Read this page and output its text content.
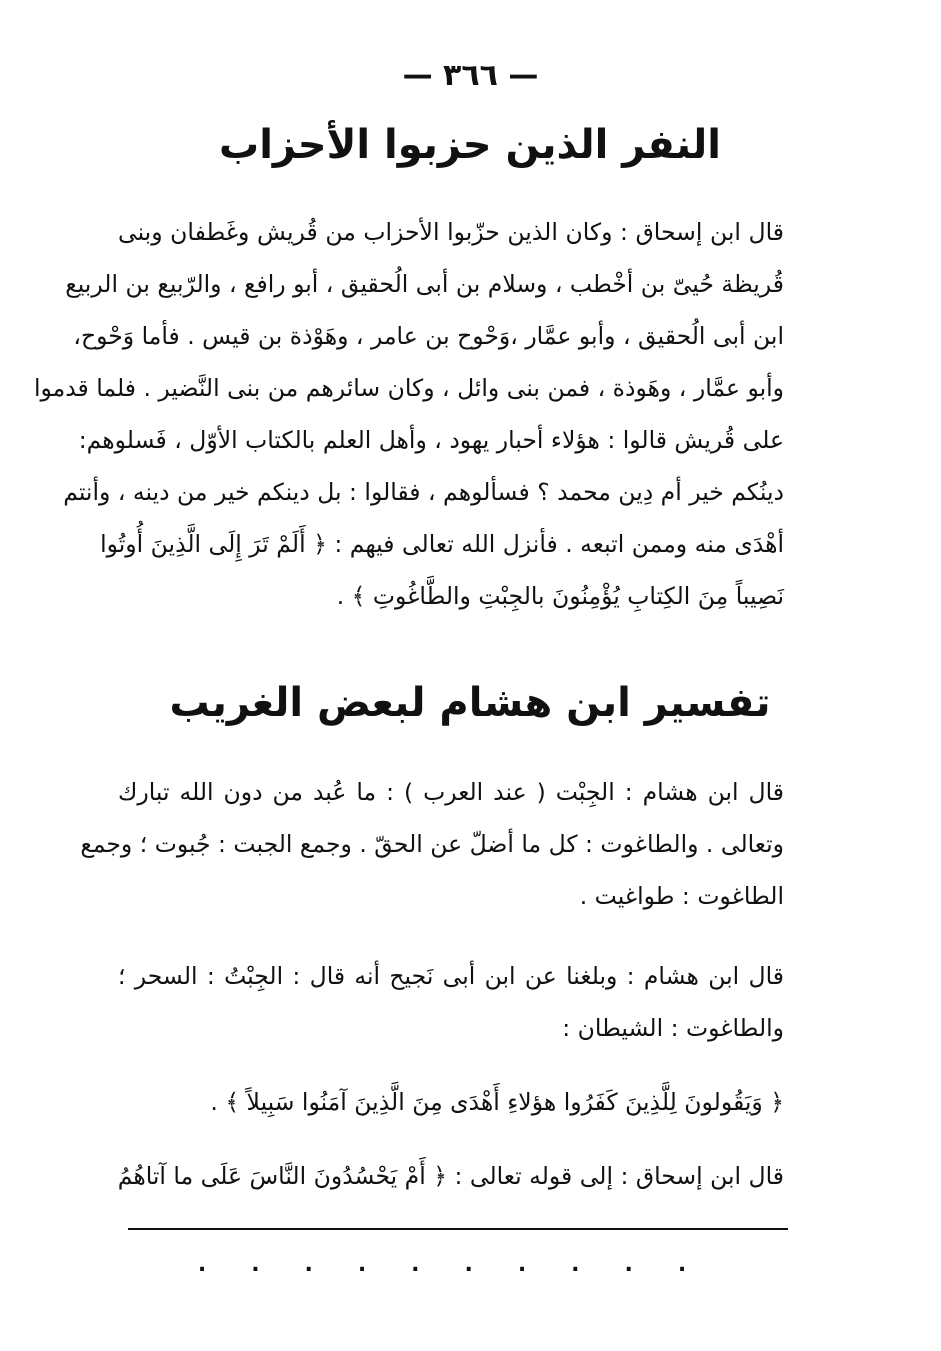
— ٣٦٦ —
النفر الذين حزبوا الأحزاب
قال ابن إسحاق : وكان الذين حزّبوا الأحزاب من قُريش وغَطفان وبنى
قُريظة حُيىّ بن أخْطب ، وسلام بن أبى الُحقيق ، أبو رافع ، والرّبيع بن الربيع
ابن أبى الُحقيق ، وأبو عمَّار ،وَحْوح بن عامر ، وهَوْذة بن قيس . فأما وَحْوح،
وأبو عمَّار ، وهَوذة ، فمن بنى وائل ، وكان سائرهم من بنى النَّضير . فلما قدموا
على قُريش قالوا : هؤلاء أحبار يهود ، وأهل العلم بالكتاب الأوّل ، فَسلوهم:
دينُكم خير أم دِين محمد ؟ فسألوهم ، فقالوا : بل دينكم خير من دينه ، وأنتم
أهْدَى منه وممن اتبعه . فأنزل الله تعالى فيهم : ﴿ أَلَمْ تَرَ إِلَى الَّذِينَ أُوتُوا
نَصِيباً مِنَ الكِتابِ يُؤْمِنُونَ بالجِبْتِ والطَّاغُوتِ ﴾ .
تفسير ابن هشام لبعض الغريب
قال ابن هشام : الجِبْت ( عند العرب ) : ما عُبد من دون الله تبارك
وتعالى . والطاغوت : كل ما أضلّ عن الحقّ . وجمع الجبت : جُبوت ؛ وجمع
الطاغوت : طواغيت .
قال ابن هشام : وبلغنا عن ابن أبى نَجيح أنه قال : الجِبْتُ : السحر ؛
والطاغوت : الشيطان :
﴿ وَيَقُولونَ لِلَّذِينَ كَفَرُوا هؤلاءِ أَهْدَى مِنَ الَّذِينَ آمَنُوا سَبِيلاً ﴾ .
قال ابن إسحاق : إلى قوله تعالى : ﴿ أَمْ يَحْسُدُونَ النَّاسَ عَلَى ما آتاهُمُ
.
.
.
.
.
.
.
.
.
.
